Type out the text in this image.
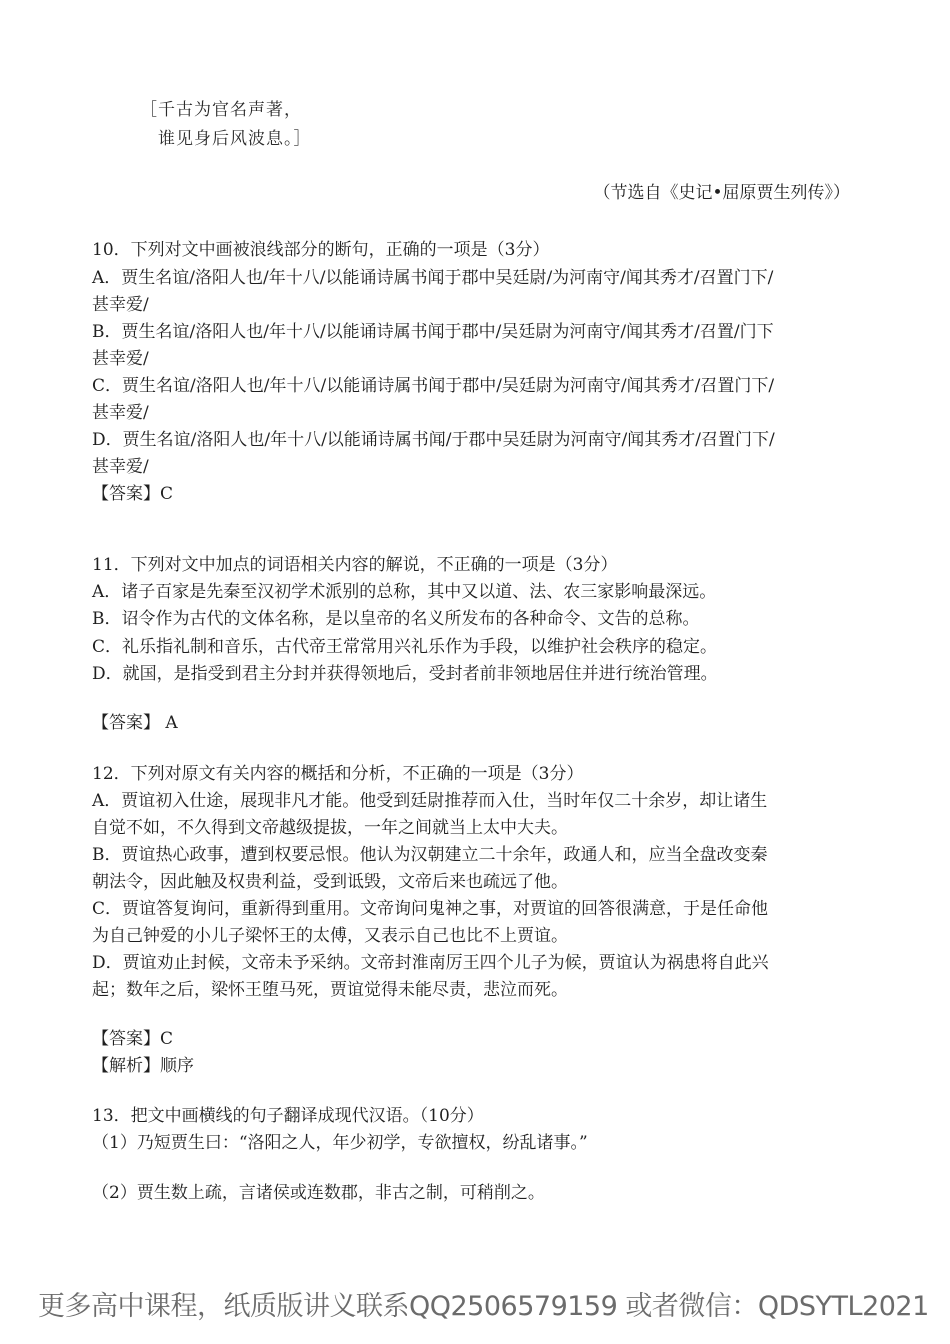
［千古为官名声著，
谁见身后风波息。］
（节选自《史记•屈原贾生列传》）
10．下列对文中画被浪线部分的断句，正确的一项是（3分）
A．贾生名谊/洛阳人也/年十八/以能诵诗属书闻于郡中吴廷尉/为河南守/闻其秀才/召置门下/
甚幸爱/
B．贾生名谊/洛阳人也/年十八/以能诵诗属书闻于郡中/吴廷尉为河南守/闻其秀才/召置/门下
甚幸爱/
C．贾生名谊/洛阳人也/年十八/以能诵诗属书闻于郡中/吴廷尉为河南守/闻其秀才/召置门下/
甚幸爱/
D．贾生名谊/洛阳人也/年十八/以能诵诗属书闻/于郡中吴廷尉为河南守/闻其秀才/召置门下/
甚幸爱/
【答案】C
11．下列对文中加点的词语相关内容的解说，不正确的一项是（3分）
A．诸子百家是先秦至汉初学术派别的总称，其中又以道、法、农三家影响最深远。
B．诏令作为古代的文体名称，是以皇帝的名义所发布的各种命令、文告的总称。
C．礼乐指礼制和音乐，古代帝王常常用兴礼乐作为手段，以维护社会秩序的稳定。
D．就国，是指受到君主分封并获得领地后，受封者前非领地居住并进行统治管理。
【答案】 A
12．下列对原文有关内容的概括和分析，不正确的一项是（3分）
A．贾谊初入仕途，展现非凡才能。他受到廷尉推荐而入仕，当时年仅二十余岁，却让诸生
自觉不如，不久得到文帝越级提拔，一年之间就当上太中大夫。
B．贾谊热心政事，遭到权要忌恨。他认为汉朝建立二十余年，政通人和，应当全盘改变秦
朝法令，因此触及权贵利益，受到诋毁，文帝后来也疏远了他。
C．贾谊答复询问，重新得到重用。文帝询问鬼神之事，对贾谊的回答很满意，于是任命他
为自己钟爱的小儿子梁怀王的太傅，又表示自己也比不上贾谊。
D．贾谊劝止封候，文帝未予采纳。文帝封淮南厉王四个儿子为候，贾谊认为祸患将自此兴
起；数年之后，梁怀王堕马死，贾谊觉得未能尽责，悲泣而死。
【答案】C
【解析】顺序
13．把文中画横线的句子翻译成现代汉语。（10分）
（1）乃短贾生曰：“洛阳之人，年少初学，专欲擅权，纷乱诸事。”
（2）贾生数上疏，言诸侯或连数郡，非古之制，可稍削之。
更多高中课程，纸质版讲义联系QQ2506579159 或者微信：QDSYTL2021
